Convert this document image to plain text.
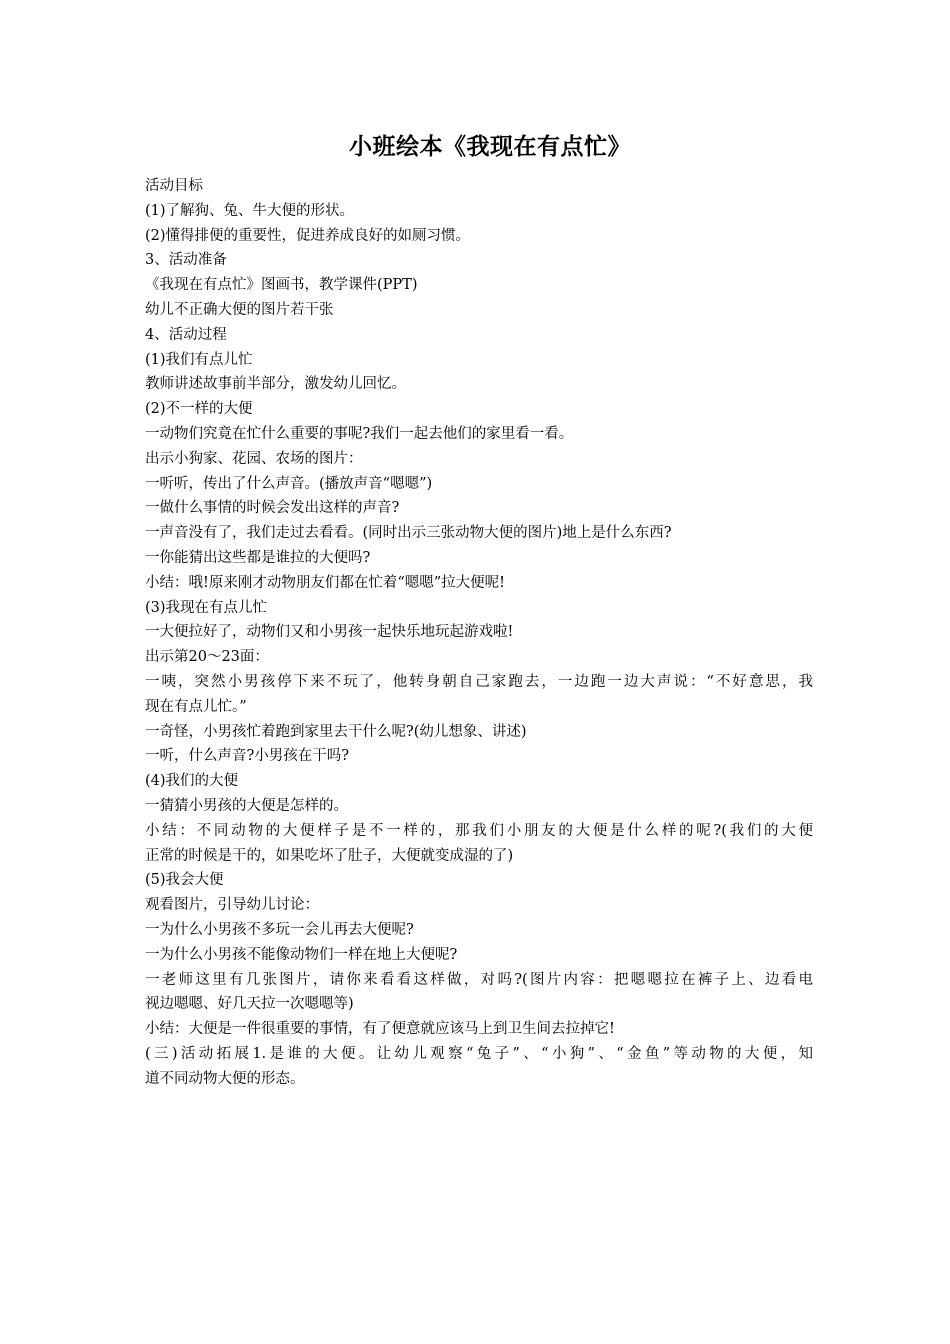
小班绘本《我现在有点忙》
活动目标
(1)了解狗、兔、牛大便的形状。
(2)懂得排便的重要性，促进养成良好的如厕习惯。
3、活动准备
《我现在有点忙》图画书，教学课件(PPT)
幼儿不正确大便的图片若干张
4、活动过程
(1)我们有点儿忙
教师讲述故事前半部分，激发幼儿回忆。
(2)不一样的大便
一动物们究竟在忙什么重要的事呢?我们一起去他们的家里看一看。
出示小狗家、花园、农场的图片：
一听听，传出了什么声音。(播放声音“嗯嗯”)
一做什么事情的时候会发出这样的声音?
一声音没有了，我们走过去看看。(同时出示三张动物大便的图片)地上是什么东西?
一你能猜出这些都是谁拉的大便吗?
小结：哦!原来刚才动物朋友们都在忙着“嗯嗯”拉大便呢!
(3)我现在有点儿忙
一大便拉好了，动物们又和小男孩一起快乐地玩起游戏啦!
出示第20～23面：
一咦，突然小男孩停下来不玩了，他转身朝自己家跑去，一边跑一边大声说：“不好意思，我
现在有点儿忙。”
一奇怪，小男孩忙着跑到家里去干什么呢?(幼儿想象、讲述)
一听，什么声音?小男孩在干吗?
(4)我们的大便
一猜猜小男孩的大便是怎样的。
小结：不同动物的大便样子是不一样的，那我们小朋友的大便是什么样的呢?(我们的大便
正常的时候是干的，如果吃坏了肚子，大便就变成湿的了)
(5)我会大便
观看图片，引导幼儿讨论：
一为什么小男孩不多玩一会儿再去大便呢?
一为什么小男孩不能像动物们一样在地上大便呢?
一老师这里有几张图片，请你来看看这样做，对吗?(图片内容：把嗯嗯拉在裤子上、边看电
视边嗯嗯、好几天拉一次嗯嗯等)
小结：大便是一件很重要的事情，有了便意就应该马上到卫生间去拉掉它!
(三)活动拓展1.是谁的大便。让幼儿观察“兔子”、“小狗”、“金鱼”等动物的大便，知
道不同动物大便的形态。
